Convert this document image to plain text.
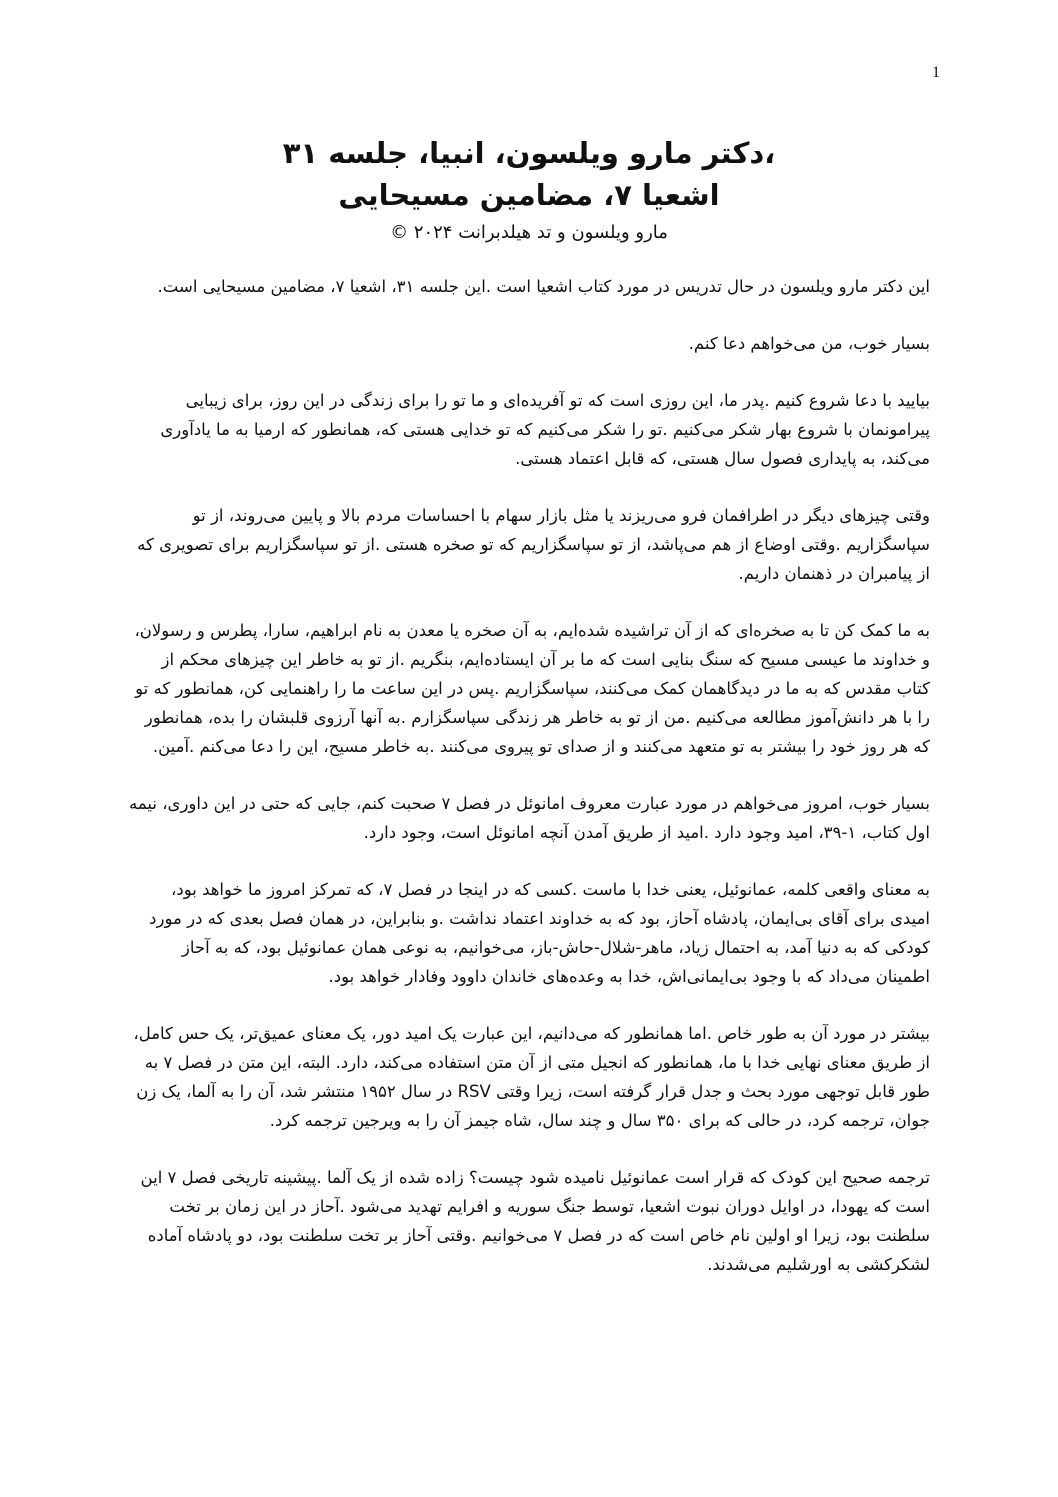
1
،دکتر مارو ویلسون، انبیا، جلسه ۳۱
اشعیا ۷، مضامین مسیحایی
مارو ویلسون و تد هیلدبرانت ۲۰۲۴ ©

این دکتر مارو ویلسون در حال تدریس در مورد کتاب اشعیا است .این جلسه ۳۱، اشعیا ۷، مضامین مسیحایی است.

بسیار خوب، من می‌خواهم دعا کنم.

بیایید با دعا شروع کنیم .پدر ما، این روزی است که تو آفریده‌ای و ما تو را برای زندگی در این روز، برای زیبایی پیرامونمان با شروع بهار شکر می‌کنیم .تو را شکر می‌کنیم که تو خدایی هستی که، همانطور که ارمیا به ما یادآوری می‌کند، به پایداری فصول سال هستی، که قابل اعتماد هستی.

وقتی چیزهای دیگر در اطرافمان فرو می‌ریزند یا مثل بازار سهام با احساسات مردم بالا و پایین می‌روند، از تو سپاسگزاریم .وقتی اوضاع از هم می‌پاشد، از تو سپاسگزاریم که تو صخره هستی .از تو سپاسگزاریم برای تصویری که از پیامبران در ذهنمان داریم.

به ما کمک کن تا به صخره‌ای که از آن تراشیده شده‌ایم، به آن صخره یا معدن به نام ابراهیم، سارا، پطرس و رسولان، و خداوند ما عیسی مسیح که سنگ بنایی است که ما بر آن ایستاده‌ایم، بنگریم .از تو به خاطر این چیزهای محکم از کتاب مقدس که به ما در دیدگاهمان کمک می‌کنند، سپاسگزاریم .پس در این ساعت ما را راهنمایی کن، همانطور که تو را با هر دانش‌آموز مطالعه می‌کنیم .من از تو به خاطر هر زندگی سپاسگزارم .به آنها آرزوی قلبشان را بده، همانطور که هر روز خود را بیشتر به تو متعهد می‌کنند و از صدای تو پیروی می‌کنند .به خاطر مسیح، این را دعا می‌کنم .آمین.

بسیار خوب، امروز می‌خواهم در مورد عبارت معروف امانوئل در فصل ۷ صحبت کنم، جایی که حتی در این داوری، نیمه اول کتاب، ۱-۳۹، امید وجود دارد .امید از طریق آمدن آنچه امانوئل است، وجود دارد.

به معنای واقعی کلمه، عمانوئیل، یعنی خدا با ماست .کسی که در اینجا در فصل ۷، که تمرکز امروز ما خواهد بود، امیدی برای آقای بی‌ایمان، پادشاه آحاز، بود که به خداوند اعتماد نداشت .و بنابراین، در همان فصل بعدی که در مورد کودکی که به دنیا آمد، به احتمال زیاد، ماهر-شلال-حاش-باز، می‌خوانیم، به نوعی همان عمانوئیل بود، که به آحاز اطمینان می‌داد که با وجود بی‌ایمانی‌اش، خدا به وعده‌های خاندان داوود وفادار خواهد بود.

بیشتر در مورد آن به طور خاص .اما همانطور که می‌دانیم، این عبارت یک امید دور، یک معنای عمیق‌تر، یک حس کامل، از طریق معنای نهایی خدا با ما، همانطور که انجیل متی از آن متن استفاده می‌کند، دارد. البته، این متن در فصل ۷ به طور قابل توجهی مورد بحث و جدل قرار گرفته است، زیرا وقتی RSV در سال ۱۹۵۲ منتشر شد، آن را به آلما، یک زن جوان، ترجمه کرد، در حالی که برای ۳۵۰ سال و چند سال، شاه جیمز آن را به ویرجین ترجمه کرد.

ترجمه صحیح این کودک که قرار است عمانوئیل نامیده شود چیست؟ زاده شده از یک آلما .پیشینه تاریخی فصل ۷ این است که یهودا، در اوایل دوران نبوت اشعیا، توسط جنگ سوریه و افرایم تهدید می‌شود .آحاز در این زمان بر تخت سلطنت بود، زیرا او اولین نام خاص است که در فصل ۷ می‌خوانیم .وقتی آحاز بر تخت سلطنت بود، دو پادشاه آماده لشکرکشی به اورشلیم می‌شدند.
